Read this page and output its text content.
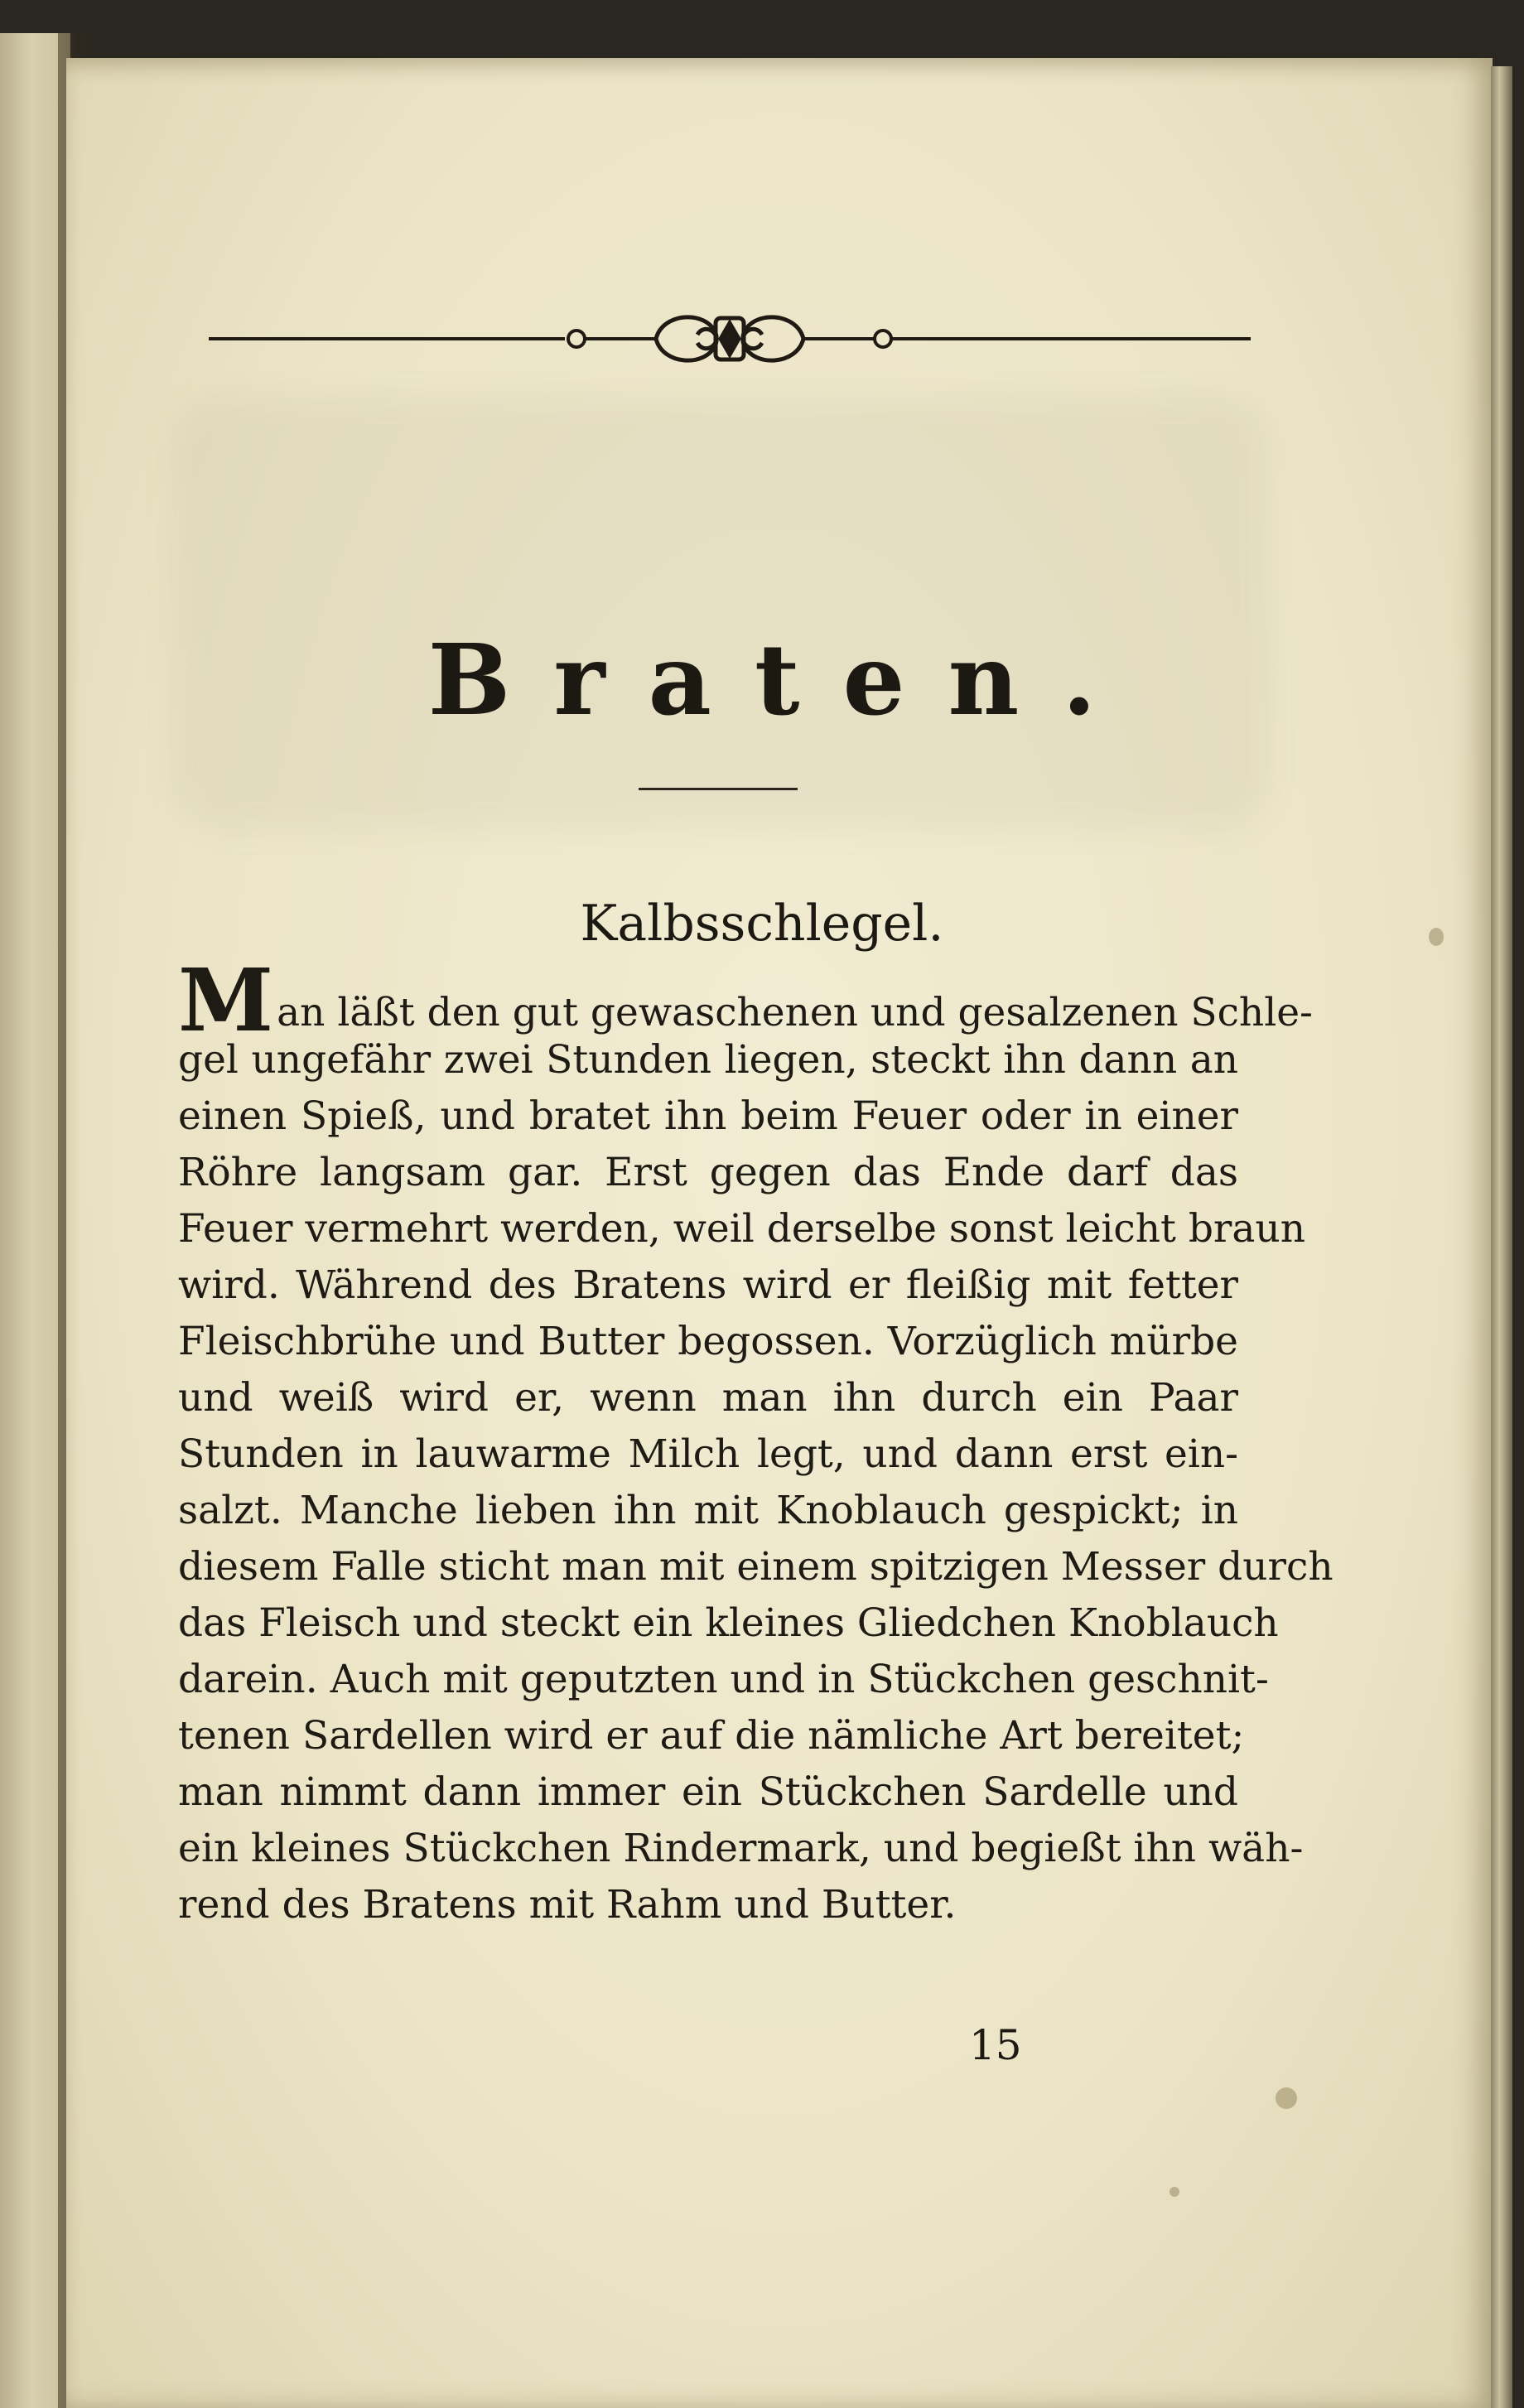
Braten.
Kalbsschlegel.
Man läßt den gut gewaschenen und gesalzenen Schle-
gel ungefähr zwei Stunden liegen, steckt ihn dann an
einen Spieß, und bratet ihn beim Feuer oder in einer
Röhre langsam gar. Erst gegen das Ende darf das
Feuer vermehrt werden, weil derselbe sonst leicht braun
wird. Während des Bratens wird er fleißig mit fetter
Fleischbrühe und Butter begossen. Vorzüglich mürbe
und weiß wird er, wenn man ihn durch ein Paar
Stunden in lauwarme Milch legt, und dann erst ein-
salzt. Manche lieben ihn mit Knoblauch gespickt; in
diesem Falle sticht man mit einem spitzigen Messer durch
das Fleisch und steckt ein kleines Gliedchen Knoblauch
darein. Auch mit geputzten und in Stückchen geschnit-
tenen Sardellen wird er auf die nämliche Art bereitet;
man nimmt dann immer ein Stückchen Sardelle und
ein kleines Stückchen Rindermark, und begießt ihn wäh-
rend des Bratens mit Rahm und Butter.
15
